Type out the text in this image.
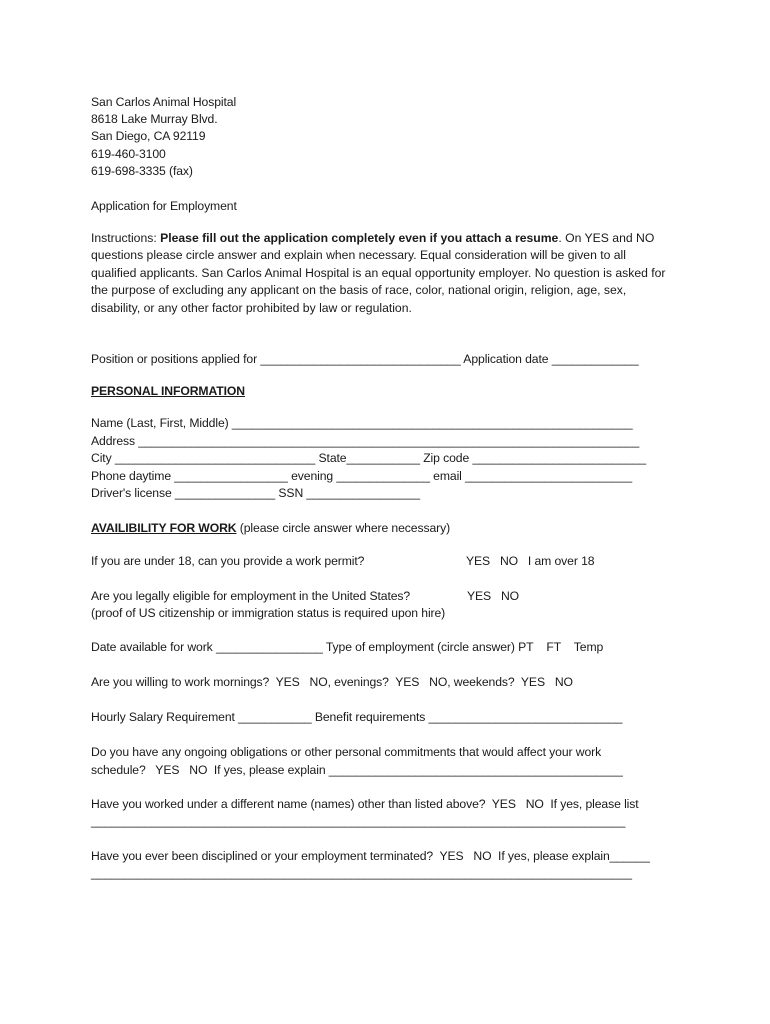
San Carlos Animal Hospital
8618 Lake Murray Blvd.
San Diego, CA 92119
619-460-3100
619-698-3335 (fax)
Application for Employment
Instructions: Please fill out the application completely even if you attach a resume. On YES and NO questions please circle answer and explain when necessary. Equal consideration will be given to all qualified applicants. San Carlos Animal Hospital is an equal opportunity employer. No question is asked for the purpose of excluding any applicant on the basis of race, color, national origin, religion, age, sex, disability, or any other factor prohibited by law or regulation.
Position or positions applied for ______________________________ Application date _____________
PERSONAL INFORMATION
Name (Last, First, Middle) ____________________________________________________________
Address ___________________________________________________________________________
City ______________________________ State___________ Zip code __________________________
Phone daytime _________________ evening ______________ email _________________________
Driver's license _______________ SSN _________________
AVAILIBILITY FOR WORK (please circle answer where necessary)
If you are under 18, can you provide a work permit?	YES   NO   I am over 18
Are you legally eligible for employment in the United States?	YES   NO
(proof of US citizenship or immigration status is required upon hire)
Date available for work ________________ Type of employment (circle answer) PT    FT    Temp
Are you willing to work mornings?  YES   NO, evenings?  YES   NO, weekends?  YES   NO
Hourly Salary Requirement ___________ Benefit requirements _____________________________
Do you have any ongoing obligations or other personal commitments that would affect your work
schedule?   YES   NO  If yes, please explain ____________________________________________
Have you worked under a different name (names) other than listed above?  YES   NO  If yes, please list
________________________________________________________________________________
Have you ever been disciplined or your employment terminated?  YES   NO  If yes, please explain______
_________________________________________________________________________________
